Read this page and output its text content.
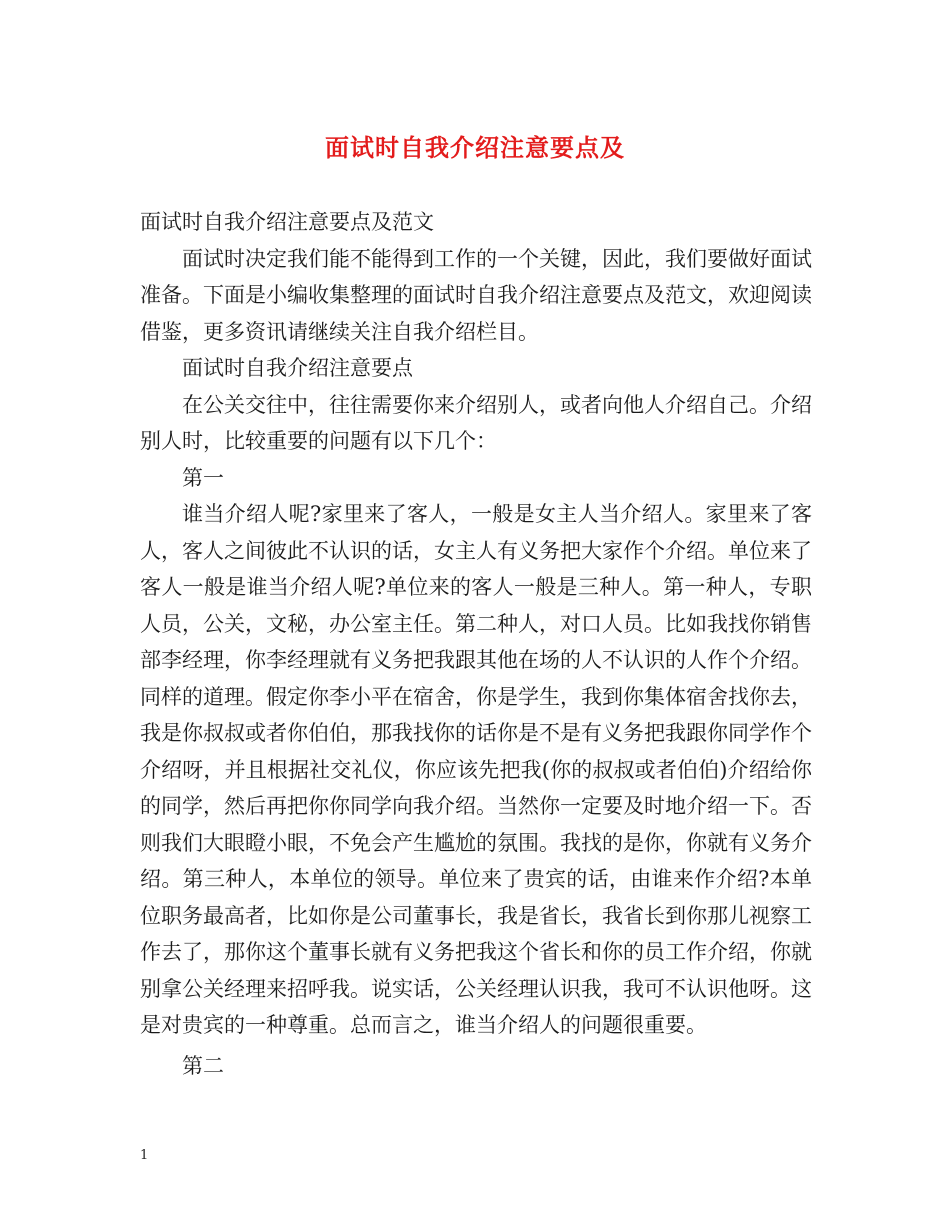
面试时自我介绍注意要点及

面试时自我介绍注意要点及范文

面试时决定我们能不能得到工作的一个关键，因此，我们要做好面试准备。下面是小编收集整理的面试时自我介绍注意要点及范文，欢迎阅读借鉴，更多资讯请继续关注自我介绍栏目。

面试时自我介绍注意要点

在公关交往中，往往需要你来介绍别人，或者向他人介绍自己。介绍别人时，比较重要的问题有以下几个：

第一

谁当介绍人呢?家里来了客人，一般是女主人当介绍人。家里来了客人，客人之间彼此不认识的话，女主人有义务把大家作个介绍。单位来了客人一般是谁当介绍人呢?单位来的客人一般是三种人。第一种人，专职人员，公关，文秘，办公室主任。第二种人，对口人员。比如我找你销售部李经理，你李经理就有义务把我跟其他在场的人不认识的人作个介绍。同样的道理。假定你李小平在宿舍，你是学生，我到你集体宿舍找你去，我是你叔叔或者你伯伯，那我找你的话你是不是有义务把我跟你同学作个介绍呀，并且根据社交礼仪，你应该先把我(你的叔叔或者伯伯)介绍给你的同学，然后再把你你同学向我介绍。当然你一定要及时地介绍一下。否则我们大眼瞪小眼，不免会产生尴尬的氛围。我找的是你，你就有义务介绍。第三种人，本单位的领导。单位来了贵宾的话，由谁来作介绍?本单位职务最高者，比如你是公司董事长，我是省长，我省长到你那儿视察工作去了，那你这个董事长就有义务把我这个省长和你的员工作介绍，你就别拿公关经理来招呼我。说实话，公关经理认识我，我可不认识他呀。这是对贵宾的一种尊重。总而言之，谁当介绍人的问题很重要。

第二

1
